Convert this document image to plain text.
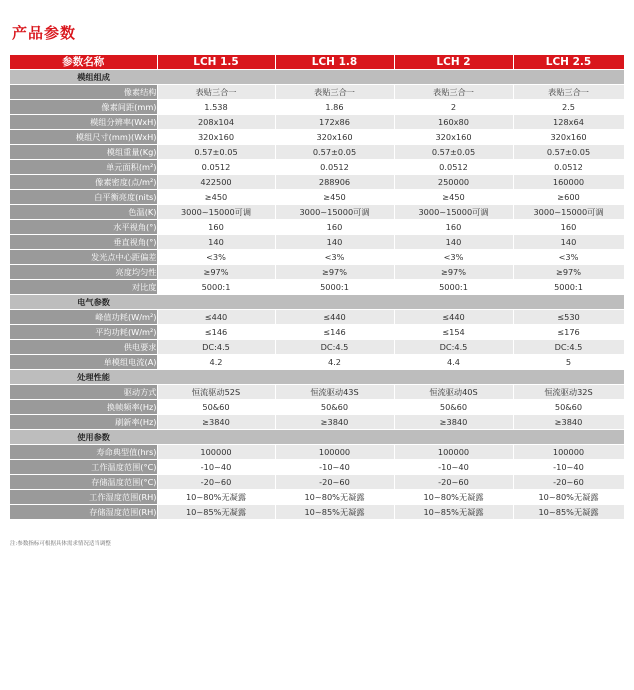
产品参数
参数名称	LCH 1.5	LCH 1.8	LCH 2	LCH 2.5
模组组成				
像素结构	表贴三合一	表贴三合一	表贴三合一	表贴三合一
像素间距(mm)	1.538	1.86	2	2.5
模组分辨率(WxH)	208x104	172x86	160x80	128x64
模组尺寸(mm)(WxH)	320x160	320x160	320x160	320x160
模组重量(Kg)	0.57±0.05	0.57±0.05	0.57±0.05	0.57±0.05
单元面积(m²)	0.0512	0.0512	0.0512	0.0512
像素密度(点/m²)	422500	288906	250000	160000
白平衡亮度(nits)	≥450	≥450	≥450	≥600
色温(K)	3000~15000可调	3000~15000可调	3000~15000可调	3000~15000可调
水平视角(°)	160	160	160	160
垂直视角(°)	140	140	140	140
发光点中心距偏差	<3%	<3%	<3%	<3%
亮度均匀性	≥97%	≥97%	≥97%	≥97%
对比度	5000:1	5000:1	5000:1	5000:1
电气参数				
峰值功耗(W/m²)	≤440	≤440	≤440	≤530
平均功耗(W/m²)	≤146	≤146	≤154	≤176
供电要求	DC:4.5	DC:4.5	DC:4.5	DC:4.5
单模组电流(A)	4.2	4.2	4.4	5
处理性能				
驱动方式	恒流驱动52S	恒流驱动43S	恒流驱动40S	恒流驱动32S
换帧频率(Hz)	50&60	50&60	50&60	50&60
刷新率(Hz)	≥3840	≥3840	≥3840	≥3840
使用参数				
寿命典型值(hrs)	100000	100000	100000	100000
工作温度范围(°C)	-10~40	-10~40	-10~40	-10~40
存储温度范围(°C)	-20~60	-20~60	-20~60	-20~60
工作湿度范围(RH)	10~80%无凝露	10~80%无凝露	10~80%无凝露	10~80%无凝露
存储湿度范围(RH)	10~85%无凝露	10~85%无凝露	10~85%无凝露	10~85%无凝露
注:参数指标可根据具体需求情况适当调整
